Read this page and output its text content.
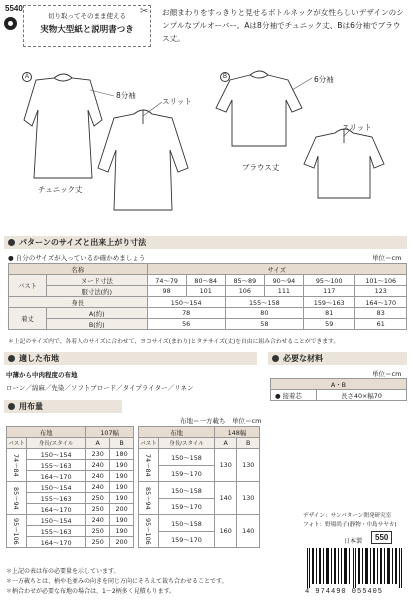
5540
切り取ってそのまま使える
実物大型紙と説明書つき
✂ お顔まわりをすっきりと見せるボトルネックが女性らしいデザインのシンプルなプルオーバー。Aは8分袖でチュニック丈、Bは6分袖でブラウス丈。
A
8分袖
スリット
チュニック丈
B	6分袖
スリット
ブラウス丈
パターンのサイズと出来上がり寸法
● 自分のサイズが入っているか確かめましょう	単位＝cm
名称		サイズ					
バスト	ヌード寸法	74〜79	80〜84	85〜89	90〜94	95〜100	101〜106
	服寸法(約)	98	101	106	111	117	123
身長		150〜154		155〜158		159〜163	164〜170
着丈	A(約)	78		80		81	83
	B(約)	56		58		59	61
＊上記のサイズ内で、各着人のサイズに合わせて、ヨコサイズ(まわり)とタテサイズ(丈)を自由に組み合わせることができます。
適した布地
中薄から中肉程度の布地
ローン／綿麻／先染／ソフトブロード／タイプライター／リネン
必要な材料
単位＝cm
A・B
● 接着芯	長さ40×幅70
用布量
布地＝一方載ち　単位＝cm
布地		107幅	
バスト	身長/スタイル	A	B
74〜84	150〜154	230	180
	155〜163	240	190
	164〜170	240	190
85〜94	150〜154	240	190
	155〜163	250	190
	164〜170	250	200
95〜106	150〜154	240	190
	155〜163	250	190
	164〜170	250	200
布地		148幅	
バスト	身長/スタイル	A	B
74〜84	150〜158	130	130
	159〜170		
85〜94	150〜158	140	130
	159〜170		
95〜106	150〜158	160	140
	159〜170		
＊上記の表は布の必要量を示しています。
＊一方載ちとは、柄や毛並みの向きを同じ方向にそろえて裁ち合わせることです。
＊柄合わせが必要な布地の場合は、1〜2柄多く見積もります。
デザイン：サンパターン開発研究室
フォト：野場尚子(静物・中島サヤカ)
日本製	550
4 974490 055405
